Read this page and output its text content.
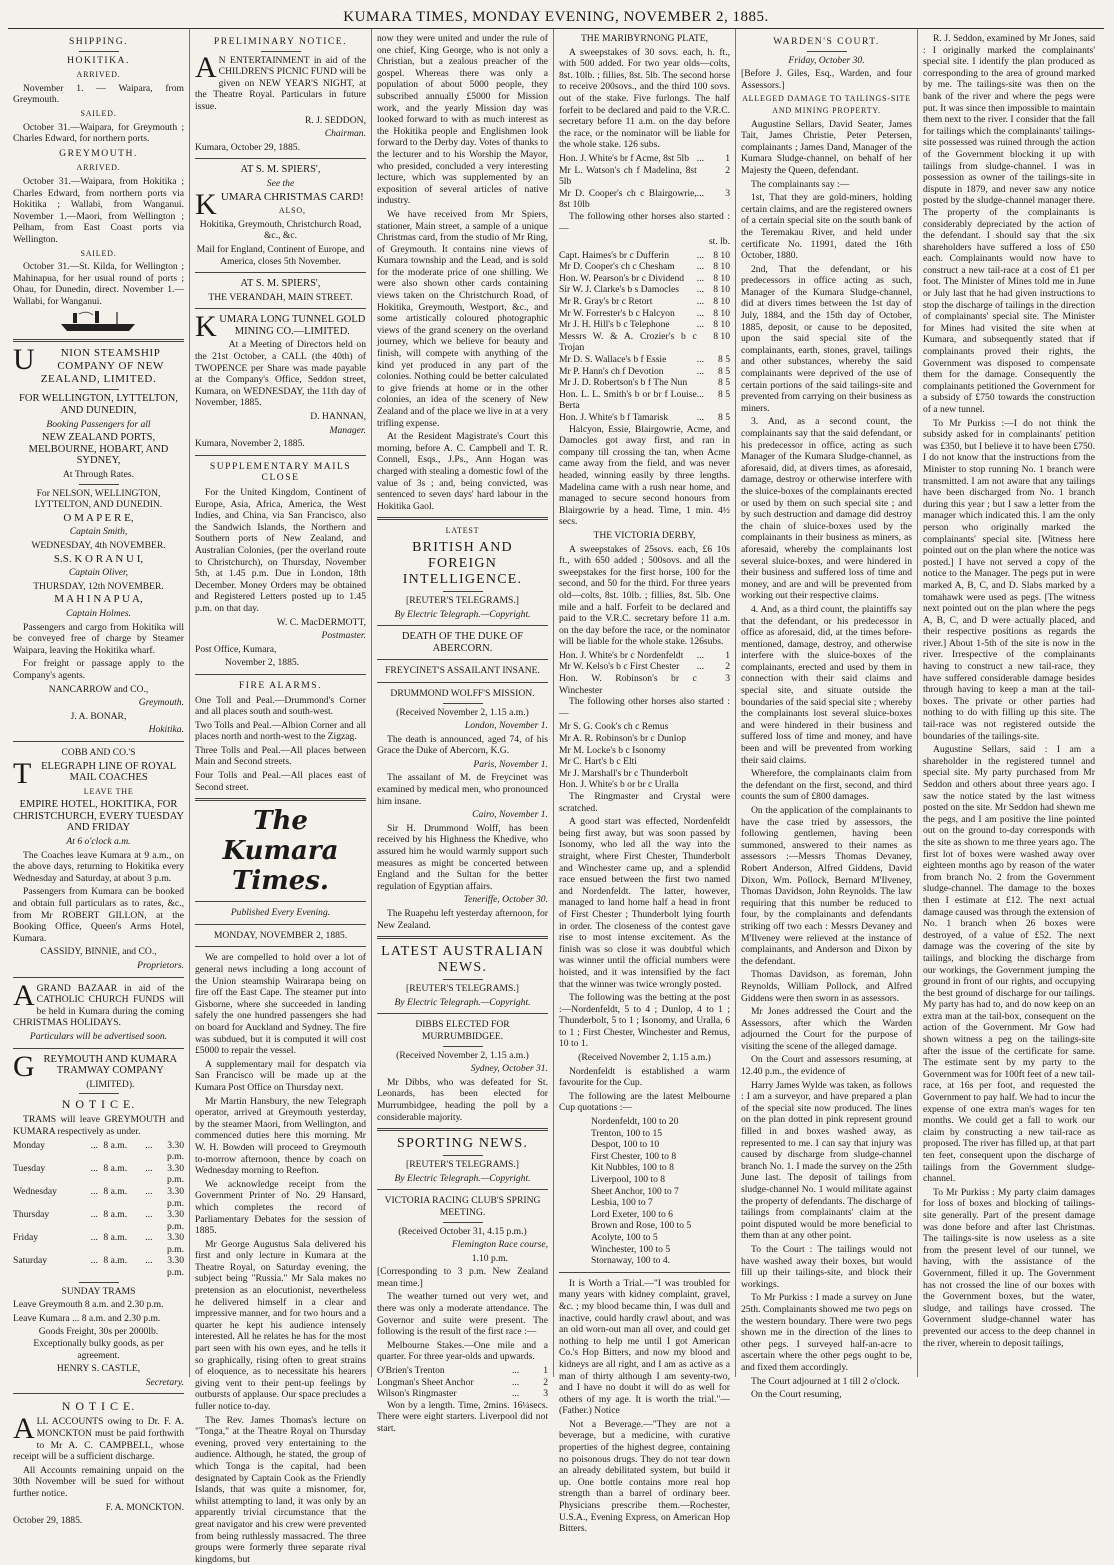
KUMARA TIMES, MONDAY EVENING, NOVEMBER 2, 1885.
SHIPPING.
HOKITIKA.
ARRIVED.

November 1. — Waipara, from Greymouth.

SAILED.

October 31.—Waipara, for Greymouth ; Charles Edward, for northern ports.

GREYMOUTH.
ARRIVED.

October 31.—Waipara, from Hokitika ; Charles Edward, from northern ports via Hokitika ; Wallabi, from Wanganui. November 1.—Maori, from Wellington ; Pelham, from East Coast ports via Wellington.

SAILED.

October 31.—St. Kilda, for Wellington ; Mahinapua, for her usual round of ports ; Ohau, for Dunedin, direct. November 1.—Wallabi, for Wanganui.

UNION STEAMSHIP COMPANY OF NEW ZEALAND, LIMITED.

FOR WELLINGTON, LYTTELTON, AND DUNEDIN,

Booking Passengers for all

NEW ZEALAND PORTS, MELBOURNE, HOBART, AND SYDNEY,

At Through Rates.

For NELSON, WELLINGTON, LYTTELTON, AND DUNEDIN.

O M A P E R E,

Captain Smith,

WEDNESDAY, 4th NOVEMBER.

S.S. K O R A N U I,

Captain Oliver,

THURSDAY, 12th NOVEMBER.

M A H I N A P U A,

Captain Holmes.

Passengers and cargo from Hokitika will be conveyed free of charge by Steamer Waipara, leaving the Hokitika wharf.

For freight or passage apply to the Company's agents.

NANCARROW and CO.,

Greymouth.

J. A. BONAR,

Hokitika.

COBB AND CO.'S

TELEGRAPH LINE OF ROYAL MAIL COACHES

LEAVE THE

EMPIRE HOTEL, HOKITIKA, FOR CHRISTCHURCH, EVERY TUESDAY AND FRIDAY

At 6 o'clock a.m.

The Coaches leave Kumara at 9 a.m., on the above days, returning to Hokitika every Wednesday and Saturday, at about 3 p.m.

Passengers from Kumara can be booked and obtain full particulars as to rates, &c., from Mr ROBERT GILLON, at the Booking Office, Queen's Arms Hotel, Kumara.

CASSIDY, BINNIE, and CO.,

Proprietors.

AGRAND BAZAAR in aid of the CATHOLIC CHURCH FUNDS will be held in Kumara during the coming CHRISTMAS HOLIDAYS.

Particulars will be advertised soon.

GREYMOUTH AND KUMARA TRAMWAY COMPANY

(LIMITED).

N O T I C E.

TRAMS will leave GREYMOUTH and KUMARA respectively as under.

Monday	...	8 a.m.	...	3.30 p.m.
Tuesday	...	8 a.m.	...	3.30 p.m.
Wednesday	...	8 a.m.	...	3.30 p.m.
Thursday	...	8 a.m.	...	3.30 p.m.
Friday	...	8 a.m.	...	3.30 p.m.
Saturday	...	8 a.m.	...	3.30 p.m.

SUNDAY TRAMS

Leave Greymouth 8 a.m. and 2.30 p.m.

Leave Kumara ... 8 a.m. and 2.30 p.m.

Goods Freight, 30s per 2000lb. Exceptionally bulky goods, as per agreement.

HENRY S. CASTLE,

Secretary.

N O T I C E.

ALL ACCOUNTS owing to Dr. F. A. MONCKTON must be paid forthwith to Mr A. C. CAMPBELL, whose receipt will be a sufficient discharge.

All Accounts remaining unpaid on the 30th November will be sued for without further notice.

F. A. MONCKTON.

October 29, 1885.

PRELIMINARY NOTICE.

AN ENTERTAINMENT in aid of the CHILDREN'S PICNIC FUND will be given on NEW YEAR'S NIGHT, at the Theatre Royal. Particulars in future issue.

R. J. SEDDON,

Chairman.

Kumara, October 29, 1885.

AT S. M. SPIERS',

See the

KUMARA CHRISTMAS CARD!

ALSO,

Hokitika, Greymouth, Christchurch Road, &c., &c.

Mail for England, Continent of Europe, and America, closes 5th November.

AT S. M. SPIERS',

THE VERANDAH, MAIN STREET.

KUMARA LONG TUNNEL GOLD MINING CO.—LIMITED.

At a Meeting of Directors held on the 21st October, a CALL (the 40th) of TWOPENCE per Share was made payable at the Company's Office, Seddon street, Kumara, on WEDNESDAY, the 11th day of November, 1885.

D. HANNAN,

Manager.

Kumara, November 2, 1885.

SUPPLEMENTARY MAILS CLOSE

For the United Kingdom, Continent of Europe, Asia, Africa, America, the West Indies, and China, via San Francisco, also the Sandwich Islands, the Northern and Southern ports of New Zealand, and Australian Colonies, (per the overland route to Christchurch), on Thursday, November 5th, at 1.45 p.m. Due in London, 18th December. Money Orders may be obtained and Registered Letters posted up to 1.45 p.m. on that day.

W. C. MacDERMOTT,

Postmaster.

Post Office, Kumara,

November 2, 1885.

FIRE ALARMS.

One Toll and Peal.—Drummond's Corner and all places south and south-west.

Two Tolls and Peal.—Albion Corner and all places north and north-west to the Zigzag.

Three Tolls and Peal.—All places between Main and Second streets.

Four Tolls and Peal.—All places east of Second street.

The Kumara Times.

Published Every Evening.

MONDAY, NOVEMBER 2, 1885.

We are compelled to hold over a lot of general news including a long account of the Union steamship Wairarapa being on fire off the East Cape. The steamer put into Gisborne, where she succeeded in landing safely the one hundred passengers she had on board for Auckland and Sydney. The fire was subdued, but it is computed it will cost £5000 to repair the vessel.

A supplementary mail for despatch via San Francisco will be made up at the Kumara Post Office on Thursday next.

Mr Martin Hansbury, the new Telegraph operator, arrived at Greymouth yesterday, by the steamer Maori, from Wellington, and commenced duties here this morning. Mr W. H. Bowden will proceed to Greymouth to-morrow afternoon, thence by coach on Wednesday morning to Reefton.

We acknowledge receipt from the Government Printer of No. 29 Hansard, which completes the record of Parliamentary Debates for the session of 1885.

Mr George Augustus Sala delivered his first and only lecture in Kumara at the Theatre Royal, on Saturday evening, the subject being "Russia." Mr Sala makes no pretension as an elocutionist, nevertheless he delivered himself in a clear and impressive manner, and for two hours and a quarter he kept his audience intensely interested. All he relates he has for the most part seen with his own eyes, and he tells it so graphically, rising often to great strains of eloquence, as to necessitate his hearers giving vent to their pent-up feelings by outbursts of applause. Our space precludes a fuller notice to-day.

The Rev. James Thomas's lecture on "Tonga," at the Theatre Royal on Thursday evening, proved very entertaining to the audience. Although, he stated, the group of which Tonga is the capital, had been designated by Captain Cook as the Friendly Islands, that was quite a misnomer, for, whilst attempting to land, it was only by an apparently trivial circumstance that the great navigator and his crew were prevented from being ruthlessly massacred. The three groups were formerly three separate rival kingdoms, but

now they were united and under the rule of one chief, King George, who is not only a Christian, but a zealous preacher of the gospel. Whereas there was only a population of about 5000 people, they subscribed annually £5000 for Mission work, and the yearly Mission day was looked forward to with as much interest as the Hokitika people and Englishmen look forward to the Derby day. Votes of thanks to the lecturer and to his Worship the Mayor, who presided, concluded a very interesting lecture, which was supplemented by an exposition of several articles of native industry.

We have received from Mr Spiers, stationer, Main street, a sample of a unique Christmas card, from the studio of Mr Ring, of Greymouth. It contains nine views of Kumara township and the Lead, and is sold for the moderate price of one shilling. We were also shown other cards containing views taken on the Christchurch Road, of Hokitika, Greymouth, Westport, &c., and some artistically coloured photographic views of the grand scenery on the overland journey, which we believe for beauty and finish, will compete with anything of the kind yet produced in any part of the colonies. Nothing could be better calculated to give friends at home or in the other colonies, an idea of the scenery of New Zealand and of the place we live in at a very trifling expense.

At the Resident Magistrate's Court this morning, before A. C. Campbell and T. R. Connell, Esqs., J.Ps., Ann Hogan was charged with stealing a domestic fowl of the value of 3s ; and, being convicted, was sentenced to seven days' hard labour in the Hokitika Gaol.

LATEST

BRITISH AND FOREIGN INTELLIGENCE.

[REUTER'S TELEGRAMS.]

By Electric Telegraph.—Copyright.

DEATH OF THE DUKE OF ABERCORN.

FREYCINET'S ASSAILANT INSANE.

DRUMMOND WOLFF'S MISSION.

(Received November 2, 1.15 a.m.)

London, November 1.

The death is announced, aged 74, of his Grace the Duke of Abercorn, K.G.

Paris, November 1.

The assailant of M. de Freycinet was examined by medical men, who pronounced him insane.

Cairo, November 1.

Sir H. Drummond Wolff, has been received by his Highness the Khedive, who assured him he would warmly support such measures as might be concerted between England and the Sultan for the better regulation of Egyptian affairs.

Teneriffe, October 30.

The Ruapehu left yesterday afternoon, for New Zealand.

LATEST AUSTRALIAN NEWS.

[REUTER'S TELEGRAMS.]

By Electric Telegraph.—Copyright.

DIBBS ELECTED FOR MURRUMBIDGEE.

(Received November 2, 1.15 a.m.)

Sydney, October 31.

Mr Dibbs, who was defeated for St. Leonards, has been elected for Murrumbidgee, heading the poll by a considerable majority.

SPORTING NEWS.

[REUTER'S TELEGRAMS.]

By Electric Telegraph.—Copyright.

VICTORIA RACING CLUB'S SPRING MEETING.

(Received October 31, 4.15 p.m.)

Flemington Race course,

1.10 p.m.

[Corresponding to 3 p.m. New Zealand mean time.]

The weather turned out very wet, and there was only a moderate attendance. The Governor and suite were present. The following is the result of the first race :—

Melbourne Stakes.—One mile and a quarter. For three year-olds and upwards.

O'Brien's Trenton	...	1
Longman's Sheet Anchor	...	2
Wilson's Ringmaster	...	3

Won by a length. Time, 2mins. 16¼secs. There were eight starters. Liverpool did not start.

THE MARIBYRNONG PLATE,

A sweepstakes of 30 sovs. each, h. ft., with 500 added. For two year olds—colts, 8st. 10lb. ; fillies, 8st. 5lb. The second horse to receive 200sovs., and the third 100 sovs. out of the stake. Five furlongs. The half forfeit to be declared and paid to the V.R.C. secretary before 11 a.m. on the day before the race, or the nominator will be liable for the whole stake. 126 subs.

Hon. J. White's br f Acme, 8st 5lb	...	1
Mr L. Watson's ch f Madelina, 8st 5lb		2
Mr D. Cooper's ch c Blairgowrie, 8st 10lb	...	3

The following other horses also started :—

st. lb.

Capt. Haimes's br c Dufferin	...	8 10
Mr D. Cooper's ch c Chesham	...	8 10
Hon. W. Pearson's br c Dividend	...	8 10
Sir W. J. Clarke's b s Damocles	...	8 10
Mr R. Gray's br c Retort	...	8 10
Mr W. Forrester's b c Halcyon	...	8 10
Mr J. H. Hill's b c Telephone	...	8 10
Messrs W. & A. Crozier's b c Trojan		8 10
Mr D. S. Wallace's b f Essie	...	8 5
Mr P. Hann's ch f Devotion	...	8 5
Mr J. D. Robertson's b f The Nun		8 5
Hon. L. L. Smith's b or br f Louise Berta	...	8 5
Hon. J. White's b f Tamarisk	...	8 5

Halcyon, Essie, Blairgowrie, Acme, and Damocles got away first, and ran in company till crossing the tan, when Acme came away from the field, and was never headed, winning easily by three lengths. Madelina came with a rush near home, and managed to secure second honours from Blairgowrie by a head. Time, 1 min. 4½ secs.

THE VICTORIA DERBY,

A sweepstakes of 25sovs. each, £6 10s ft., with 650 added ; 500sovs. and all the sweepstakes for the first horse, 100 for the second, and 50 for the third. For three years old—colts, 8st. 10lb. ; fillies, 8st. 5lb. One mile and a half. Forfeit to be declared and paid to the V.R.C. secretary before 11 a.m. on the day before the race, or the nominator will be liable for the whole stake. 126subs.

Hon. J. White's br c Nordenfeldt	...	1
Mr W. Kelso's b c First Chester	...	2
Hon. W. Robinson's br c Winchester		3

The following other horses also started :—

Mr S. G. Cook's ch c Remus

Mr A. R. Robinson's br c Dunlop

Mr M. Locke's b c Isonomy

Mr C. Hart's b c Elti

Mr J. Marshall's br c Thunderbolt

Hon. J. White's b or br c Uralla

The Ringmaster and Crystal were scratched.

A good start was effected, Nordenfeldt being first away, but was soon passed by Isonomy, who led all the way into the straight, where First Chester, Thunderbolt and Winchester came up, and a splendid race ensued between the first two named and Nordenfeldt. The latter, however, managed to land home half a head in front of First Chester ; Thunderbolt lying fourth in order. The closeness of the contest gave rise to most intense excitement. As the finish was so close it was doubtful which was winner until the official numbers were hoisted, and it was intensified by the fact that the winner was twice wrongly posted.

The following was the betting at the post :—Nordenfeldt, 5 to 4 ; Dunlop, 4 to 1 ; Thunderbolt, 5 to 1 ; Isonomy, and Uralla, 6 to 1 ; First Chester, Winchester and Remus, 10 to 1.

(Received November 2, 1.15 a.m.)

Nordenfeldt is established a warm favourite for the Cup.

The following are the latest Melbourne Cup quotations :—

Nordenfeldt, 100 to 20

Trenton, 100 to 15

Despot, 100 to 10

First Chester, 100 to 8

Kit Nubbles, 100 to 8

Liverpool, 100 to 8

Sheet Anchor, 100 to 7

Lesbia, 100 to 7

Lord Exeter, 100 to 6

Brown and Rose, 100 to 5

Acolyte, 100 to 5

Winchester, 100 to 5

Stornaway, 100 to 4.

It is Worth a Trial.—"I was troubled for many years with kidney complaint, gravel, &c. ; my blood became thin, I was dull and inactive, could hardly crawl about, and was an old worn-out man all over, and could get nothing to help me until I got American Co.'s Hop Bitters, and now my blood and kidneys are all right, and I am as active as a man of thirty although I am seventy-two, and I have no doubt it will do as well for others of my age. It is worth the trial."—(Father.) Notice

Not a Beverage.—"They are not a beverage, but a medicine, with curative properties of the highest degree, containing no poisonous drugs. They do not tear down an already debilitated system, but build it up. One bottle contains more real hop strength than a barrel of ordinary beer. Physicians prescribe them.—Rochester, U.S.A., Evening Express, on American Hop Bitters.

WARDEN'S COURT.

Friday, October 30.

[Before J. Giles, Esq., Warden, and four Assessors.]

ALLEGED DAMAGE TO TAILINGS-SITE AND MINING PROPERTY.

Augustine Sellars, David Seater, James Tait, James Christie, Peter Petersen, complainants ; James Dand, Manager of the Kumara Sludge-channel, on behalf of her Majesty the Queen, defendant.

The complainants say :—

1st, That they are gold-miners, holding certain claims, and are the registered owners of a certain special site on the south bank of the Teremakau River, and held under certificate No. 11991, dated the 16th October, 1880.

2nd, That the defendant, or his predecessors in office acting as such, Manager of the Kumara Sludge-channel, did at divers times between the 1st day of July, 1884, and the 15th day of October, 1885, deposit, or cause to be deposited, upon the said special site of the complainants, earth, stones, gravel, tailings and other substances, whereby the said complainants were deprived of the use of certain portions of the said tailings-site and prevented from carrying on their business as miners.

3. And, as a second count, the complainants say that the said defendant, or his predecessor in office, acting as such Manager of the Kumara Sludge-channel, as aforesaid, did, at divers times, as aforesaid, damage, destroy or otherwise interfere with the sluice-boxes of the complainants erected or used by them on such special site ; and by such destruction and damage did destroy the chain of sluice-boxes used by the complainants in their business as miners, as aforesaid, whereby the complainants lost several sluice-boxes, and were hindered in their business and suffered loss of time and money, and are and will be prevented from working out their respective claims.

4. And, as a third count, the plaintiffs say that the defendant, or his predecessor in office as aforesaid, did, at the times before-mentioned, damage, destroy, and otherwise interfere with the sluice-boxes of the complainants, erected and used by them in connection with their said claims and special site, and situate outside the boundaries of the said special site ; whereby the complainants lost several sluice-boxes and were hindered in their business and suffered loss of time and money, and have been and will be prevented from working their said claims.

Wherefore, the complainants claim from the defendant on the first, second, and third counts the sum of £800 damages.

On the application of the complainants to have the case tried by assessors, the following gentlemen, having been summoned, answered to their names as assessors :—Messrs Thomas Devaney, Robert Anderson, Alfred Giddens, David Dixon, Wm. Pollock, Bernard M'Ilveney, Thomas Davidson, John Reynolds. The law requiring that this number be reduced to four, by the complainants and defendants striking off two each : Messrs Devaney and M'Ilveney were relieved at the instance of complainants, and Anderson and Dixon by the defendant.

Thomas Davidson, as foreman, John Reynolds, William Pollock, and Alfred Giddens were then sworn in as assessors.

Mr Jones addressed the Court and the Assessors, after which the Warden adjourned the Court for the purpose of visiting the scene of the alleged damage.

On the Court and assessors resuming, at 12.40 p.m., the evidence of

Harry James Wylde was taken, as follows : I am a surveyor, and have prepared a plan of the special site now produced. The lines on the plan dotted in pink represent ground filled in and boxes washed away, as represented to me. I can say that injury was caused by discharge from sludge-channel branch No. 1. I made the survey on the 25th June last. The deposit of tailings from sludge-channel No. 1 would militate against the property of defendants. The discharge of tailings from complainants' claim at the point disputed would be more beneficial to them than at any other point.

To the Court : The tailings would not have washed away their boxes, but would fill up their tailings-site, and block their workings.

To Mr Purkiss : I made a survey on June 25th. Complainants showed me two pegs on the western boundary. There were two pegs shown me in the direction of the lines to other pegs. I surveyed half-an-acre to ascertain where the other pegs ought to be, and fixed them accordingly.

The Court adjourned at 1 till 2 o'clock.

On the Court resuming,

R. J. Seddon, examined by Mr Jones, said : I originally marked the complainants' special site. I identify the plan produced as corresponding to the area of ground marked by me. The tailings-site was then on the bank of the river and where the pegs were put. It was since then impossible to maintain them next to the river. I consider that the fall for tailings which the complainants' tailings-site possessed was ruined through the action of the Government blocking it up with tailings from sludge-channel. I was in possession as owner of the tailings-site in dispute in 1879, and never saw any notice posted by the sludge-channel manager there. The property of the complainants is considerably depreciated by the action of the defendant. I should say that the six shareholders have suffered a loss of £50 each. Complainants would now have to construct a new tail-race at a cost of £1 per foot. The Minister of Mines told me in June or July last that he had given instructions to stop the discharge of tailings in the direction of complainants' special site. The Minister for Mines had visited the site when at Kumara, and subsequently stated that if complainants proved their rights, the Government was disposed to compensate them for the damage. Consequently the complainants petitioned the Government for a subsidy of £750 towards the construction of a new tunnel.

To Mr Purkiss :—I do not think the subsidy asked for in complainants' petition was £350, but I believe it to have been £750. I do not know that the instructions from the Minister to stop running No. 1 branch were transmitted. I am not aware that any tailings have been discharged from No. 1 branch during this year ; but I saw a letter from the manager which indicated this. I am the only person who originally marked the complainants' special site. [Witness here pointed out on the plan where the notice was posted.] I have not served a copy of the notice to the Manager. The pegs put in were marked A, B, C, and D. Slabs marked by a tomahawk were used as pegs. [The witness next pointed out on the plan where the pegs A, B, C, and D were actually placed, and their respective positions as regards the river.] About 1-5th of the site is now in the river. Irrespective of the complainants having to construct a new tail-race, they have suffered considerable damage besides through having to keep a man at the tail-boxes. The private or other parties had nothing to do with filling up this site. The tail-race was not registered outside the boundaries of the tailings-site.

Augustine Sellars, said : I am a shareholder in the registered tunnel and special site. My party purchased from Mr Seddon and others about three years ago. I saw the notice stated by the last witness posted on the site. Mr Seddon had shewn me the pegs, and I am positive the line pointed out on the ground to-day corresponds with the site as shown to me three years ago. The first lot of boxes were washed away over eighteen months ago by reason of the water from branch No. 2 from the Government sludge-channel. The damage to the boxes then I estimate at £12. The next actual damage caused was through the extension of No. 1 branch when 26 boxes were destroyed, of a value of £52. The next damage was the covering of the site by tailings, and blocking the discharge from our workings, the Government jumping the ground in front of our rights, and occupying the best ground of discharge for our tailings. My party has had to, and do now keep on an extra man at the tail-box, consequent on the action of the Government. Mr Gow had shown witness a peg on the tailings-site after the issue of the certificate for same. The estimate sent by my party to the Government was for 100ft feet of a new tail-race, at 16s per foot, and requested the Government to pay half. We had to incur the expense of one extra man's wages for ten months. We could get a fall to work our claim by constructing a new tail-race as proposed. The river has filled up, at that part ten feet, consequent upon the discharge of tailings from the Government sludge-channel.

To Mr Purkiss : My party claim damages for loss of boxes and blocking of tailings-site generally. Part of the present damage was done before and after last Christmas. The tailings-site is now useless as a site from the present level of our tunnel, we having, with the assistance of the Government, filled it up. The Government has not crossed the line of our boxes with the Government boxes, but the water, sludge, and tailings have crossed. The Government sludge-channel water has prevented our access to the deep channel in the river, wherein to deposit tailings,
